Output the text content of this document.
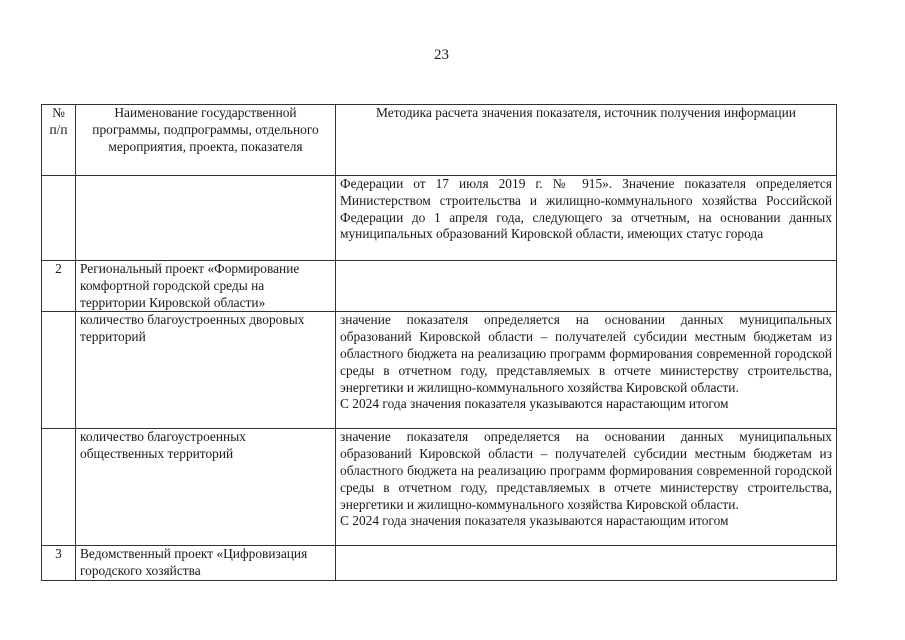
23
№ п/п	Наименование государственной программы, подпрограммы, отдельного мероприятия, проекта, показателя	Методика расчета значения показателя, источник получения информации

		Федерации от 17 июля 2019 г. № 915». Значение показателя определяется Министерством строительства и жилищно-коммунального хозяйства Российской Федерации до 1 апреля года, следующего за отчетным, на основании данных муниципальных образований Кировской области, имеющих статус города

2	Региональный проект «Формирование комфортной городской среды на территории Кировской области»	
	количество благоустроенных дворовых территорий	значение показателя определяется на основании данных муниципальных образований Кировской области – получателей субсидии местным бюджетам из областного бюджета на реализацию программ формирования современной городской среды в отчетном году, представляемых в отчете министерству строительства, энергетики и жилищно-коммунального хозяйства Кировской области.

С 2024 года значения показателя указываются нарастающим итогом

	количество благоустроенных общественных территорий	значение показателя определяется на основании данных муниципальных образований Кировской области – получателей субсидии местным бюджетам из областного бюджета на реализацию программ формирования современной городской среды в отчетном году, представляемых в отчете министерству строительства, энергетики и жилищно-коммунального хозяйства Кировской области.

С 2024 года значения показателя указываются нарастающим итогом

3	Ведомственный проект «Цифровизация городского хозяйства	
